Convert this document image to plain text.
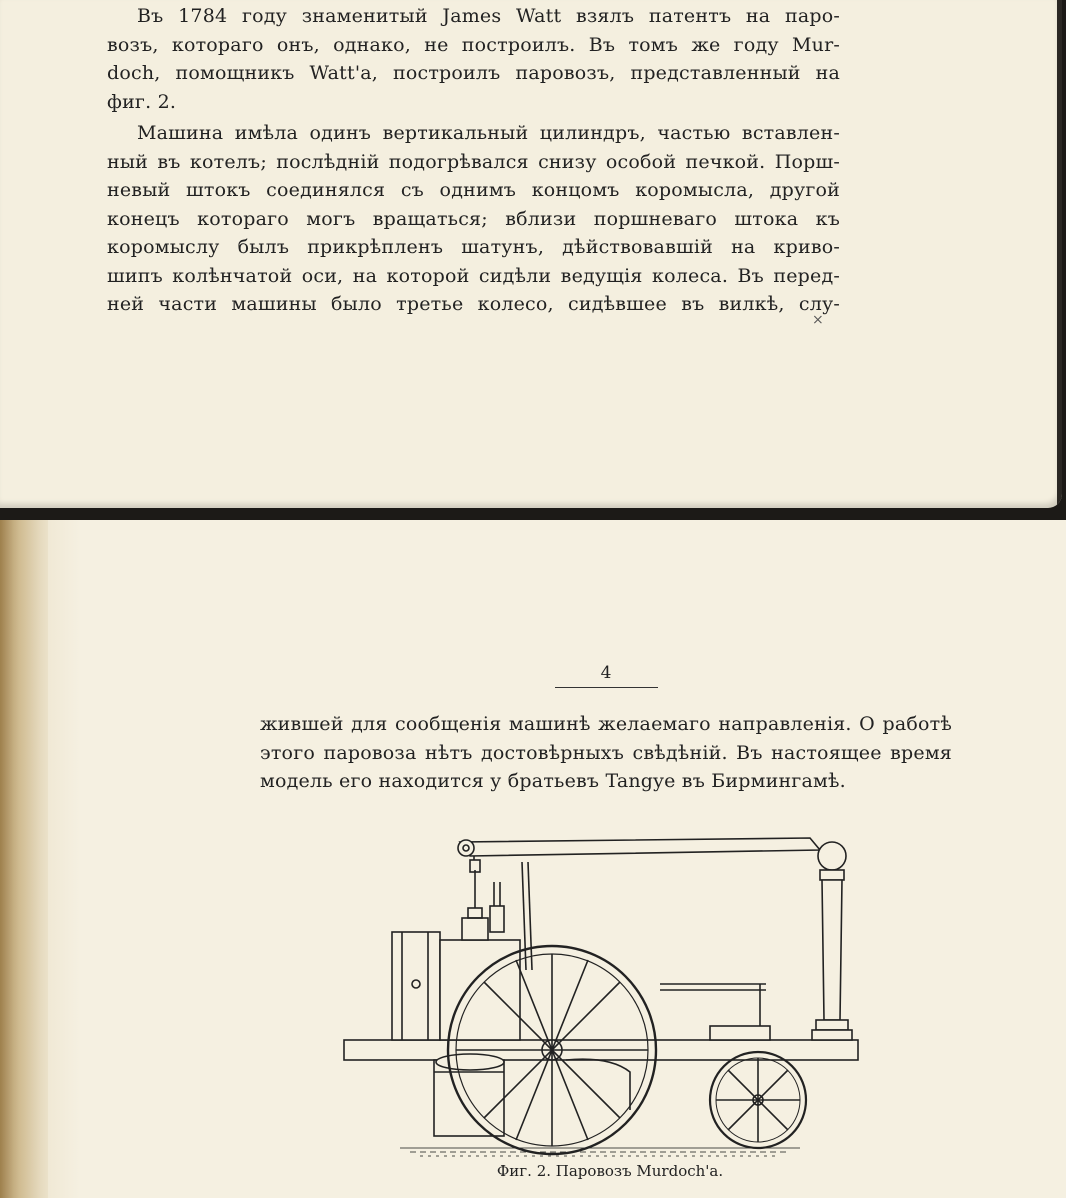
Въ 1784 году знаменитый James Watt взялъ патентъ на паро-
возъ, котораго онъ, однако, не построилъ. Въ томъ же году Mur-
doch, помощникъ Watt'a, построилъ паровозъ, представленный на
фиг. 2.
Машина имѣла одинъ вертикальный цилиндръ, частью вставлен-
ный въ котелъ; послѣдній подогрѣвался снизу особой печкой. Порш-
невый штокъ соединялся съ однимъ концомъ коромысла, другой
конецъ котораго могъ вращаться; вблизи поршневаго штока къ
коромыслу былъ прикрѣпленъ шатунъ, дѣйствовавшій на криво-
шипъ колѣнчатой оси, на которой сидѣли ведущія колеса. Въ перед-
ней части машины было третье колесо, сидѣвшее въ вилкѣ, слу-
×
4
жившей для сообщенія машинѣ желаемаго направленія. О работѣ
этого паровоза нѣтъ достовѣрныхъ свѣдѣній. Въ настоящее время
модель его находится у братьевъ Tangye въ Бирмингамѣ.
Фиг. 2. Паровозъ Murdoch'a.
